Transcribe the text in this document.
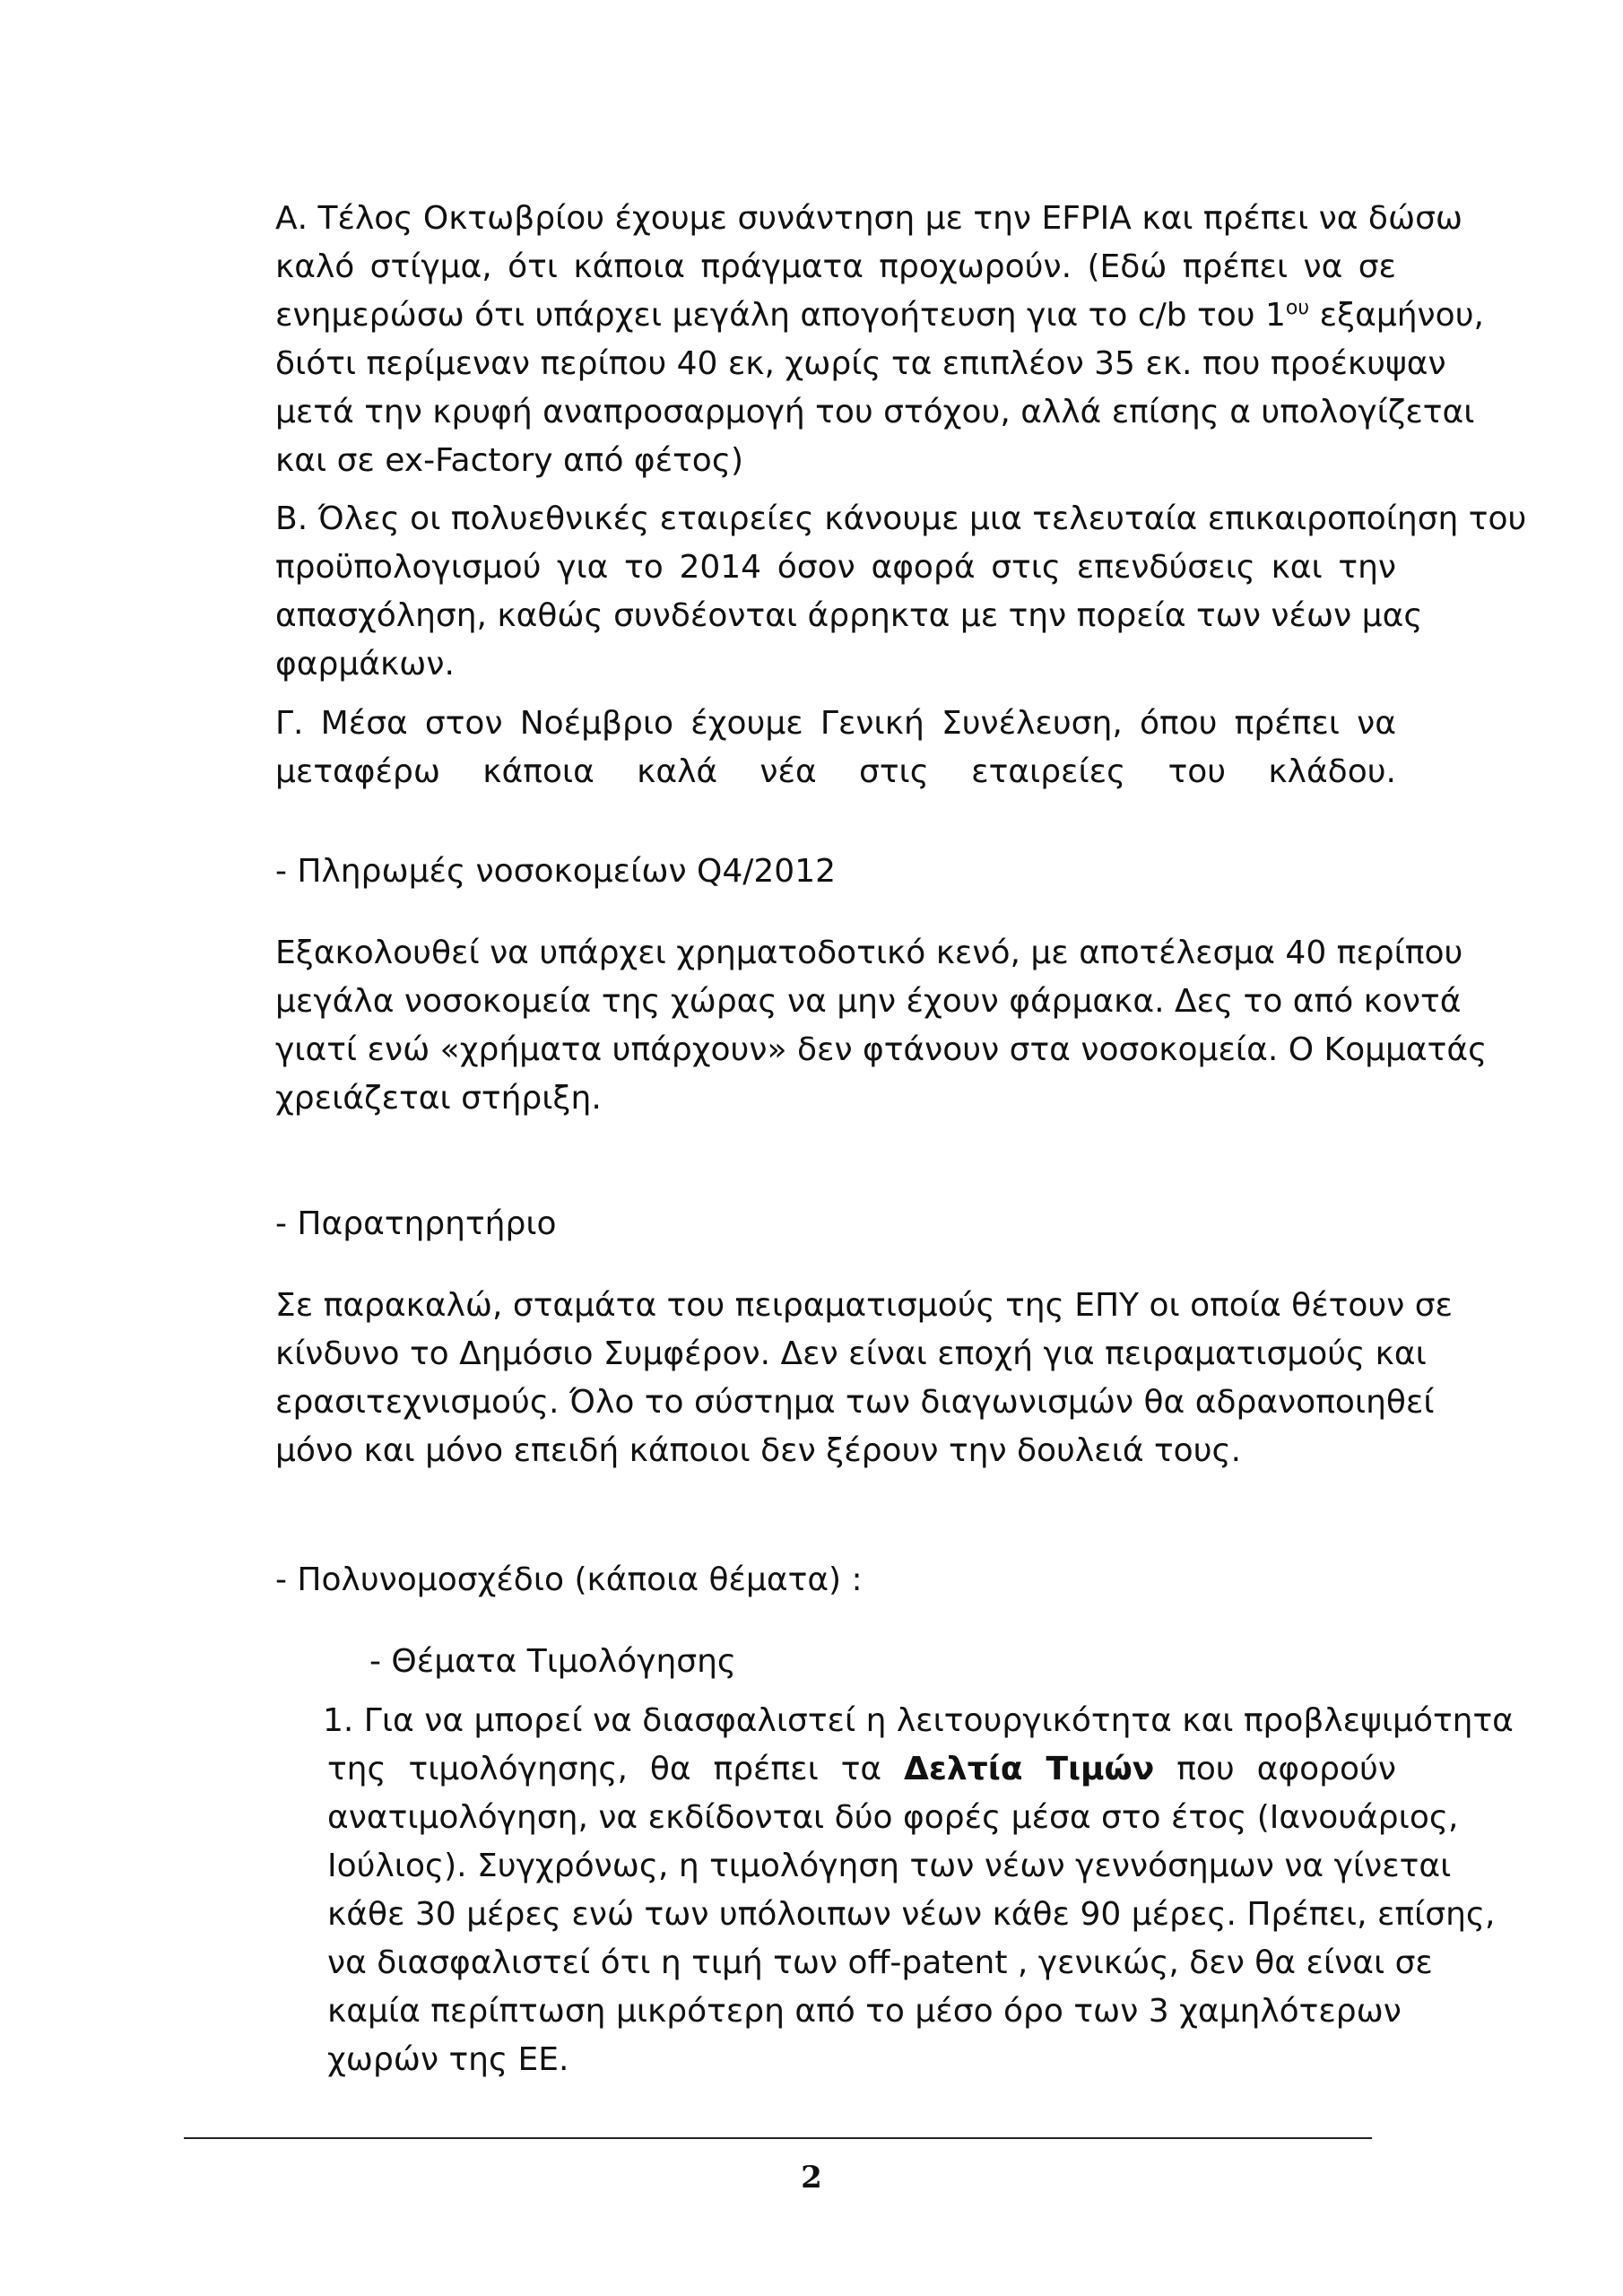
Α. Τέλος Οκτωβρίου έχουμε συνάντηση με την EFPIA και πρέπει να δώσω
καλό στίγμα, ότι κάποια πράγματα προχωρούν. (Εδώ πρέπει να σε
ενημερώσω ότι υπάρχει μεγάλη απογοήτευση για το c/b του $1^{o\upsilon}$ εξαμήνου,
διότι περίμεναν περίπου 40 εκ, χωρίς τα επιπλέον 35 εκ. που προέκυψαν
μετά την κρυφή αναπροσαρμογή του στόχου, αλλά επίσης α υπολογίζεται
και σε ex-Factory από φέτος)
Β. Όλες οι πολυεθνικές εταιρείες κάνουμε μια τελευταία επικαιροποίηση του
προϋπολογισμού για το 2014 όσον αφορά στις επενδύσεις και την
απασχόληση, καθώς συνδέονται άρρηκτα με την πορεία των νέων μας
φαρμάκων.
Γ. Μέσα στον Νοέμβριο έχουμε Γενική Συνέλευση, όπου πρέπει να
μεταφέρω κάποια καλά νέα στις εταιρείες του κλάδου.
- Πληρωμές νοσοκομείων Q4/2012
Εξακολουθεί να υπάρχει χρηματοδοτικό κενό, με αποτέλεσμα 40 περίπου
μεγάλα νοσοκομεία της χώρας να μην έχουν φάρμακα. Δες το από κοντά
γιατί ενώ «χρήματα υπάρχουν» δεν φτάνουν στα νοσοκομεία. Ο Κομματάς
χρειάζεται στήριξη.
- Παρατηρητήριο
Σε παρακαλώ, σταμάτα του πειραματισμούς της ΕΠΥ οι οποία θέτουν σε
κίνδυνο το Δημόσιο Συμφέρον. Δεν είναι εποχή για πειραματισμούς και
ερασιτεχνισμούς. Όλο το σύστημα των διαγωνισμών θα αδρανοποιηθεί
μόνο και μόνο επειδή κάποιοι δεν ξέρουν την δουλειά τους.
- Πολυνομοσχέδιο (κάποια θέματα) :
- Θέματα Τιμολόγησης
1. Για να μπορεί να διασφαλιστεί η λειτουργικότητα και προβλεψιμότητα
της τιμολόγησης, θα πρέπει τα Δελτία Τιμών που αφορούν
ανατιμολόγηση, να εκδίδονται δύο φορές μέσα στο έτος (Ιανουάριος,
Ιούλιος). Συγχρόνως, η τιμολόγηση των νέων γεννόσημων να γίνεται
κάθε 30 μέρες ενώ των υπόλοιπων νέων κάθε 90 μέρες. Πρέπει, επίσης,
να διασφαλιστεί ότι η τιμή των off-patent , γενικώς, δεν θα είναι σε
καμία περίπτωση μικρότερη από το μέσο όρο των 3 χαμηλότερων
χωρών της ΕΕ.
2
